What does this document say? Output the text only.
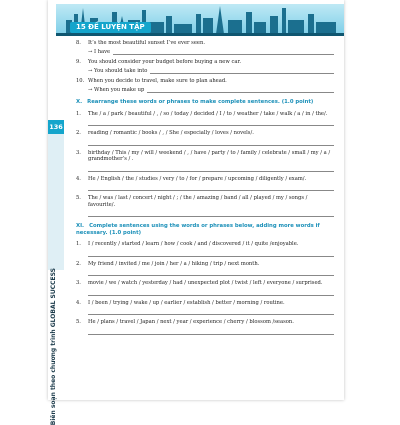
15 ĐỀ LUYỆN TẬP
136
Biên soạn theo chương trình GLOBAL SUCCESS
8. It’s the most beautiful sunset I’ve ever seen.
→ I have
9. You should consider your budget before buying a new car.
→ You should take into
10. When you decide to travel, make sure to plan ahead.
→ When you make up
X. Rearrange these words or phrases to make complete sentences. (1.0 point)
1. The / a / park / beautiful / , / so / today / decided / I / to / weather / take / walk / a / in / the/.
2. reading / romantic / books / , / She / especially / loves / novels/.
3. birthday / This / my / will / weekend / , / have / party / to / family / celebrate / small / my / a / grandmother’s / .
4. He / English / the / studies / very / to / for / prepare / upcoming / diligently / exam/.
5. The / was / last / concert / night / ; / the / amazing / band / all / played / my / songs / favourite/.
XI. Complete sentences using the words or phrases below, adding more words if necessary. (1.0 point)
1. I / recently / started / learn / how / cook / and / discovered / it / quite /enjoyable.
2. My friend / invited / me / join / her / a / hiking / trip / next month.
3. movie / we / watch / yesterday / had / unexpected plot / twist / left / everyone / surprised.
4. I / been / trying / wake / up / earlier / establish / better / morning / routine.
5. He / plans / travel / Japan / next / year / experience / cherry / blossom /season.
